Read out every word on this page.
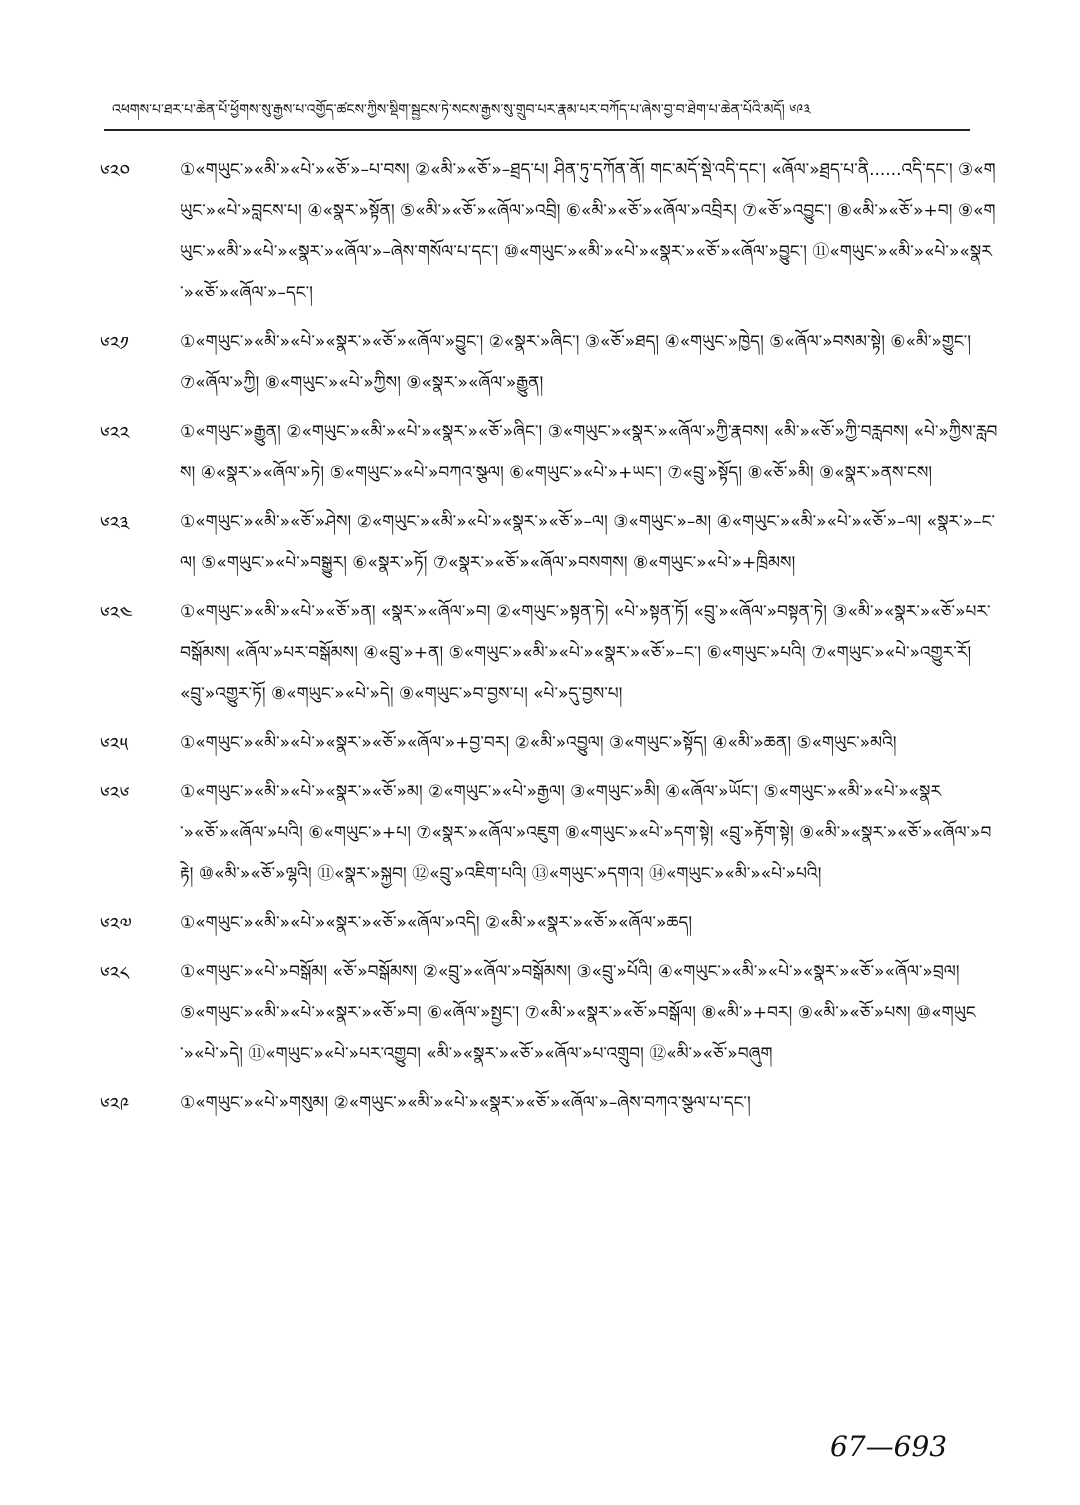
འཕགས་པ་ཐར་པ་ཆེན་པོ་ཕྱོགས་སུ་རྒྱས་པ་འགྱོད་ཚངས་ཀྱིས་སྡིག་སྦྱངས་ཏེ་སངས་རྒྱས་སུ་གྲུབ་པར་རྣམ་པར་བཀོད་པ་ཞེས་བྱ་བ་ཐེག་པ་ཆེན་པོའི་མདོ། ༦༩༣
༦༢༠	①«གཡུང་»«མི་»«པེ་»«ཅོ་»–པ་བས། ②«མི་»«ཅོ་»–ཐྲད་པ། ཤིན་ཏུ་དཀོན་ནོ། གང་མདོ་སྡེ་འདི་དང་། «ཞོལ་»ཐྲད་པ་ནི......འདི་དང་། ③«གཡུང་»«པེ་»བླངས་པ། ④«སྣར་»སྟོན། ⑤«མི་»«ཅོ་»«ཞོལ་»འབྲི། ⑥«མི་»«ཅོ་»«ཞོལ་»འབྲིར། ⑦«ཅོ་»འབྱུང་། ⑧«མི་»«ཅོ་»+བ། ⑨«གཡུང་»«མི་»«པེ་»«སྣར་»«ཞོལ་»–ཞེས་གསོལ་པ་དང་། ⑩«གཡུང་»«མི་»«པེ་»«སྣར་»«ཅོ་»«ཞོལ་»བྱུང་། ⑪«གཡུང་»«མི་»«པེ་»«སྣར་»«ཅོ་»«ཞོལ་»–དང་།
༦༢༡	①«གཡུང་»«མི་»«པེ་»«སྣར་»«ཅོ་»«ཞོལ་»བྱུང་། ②«སྣར་»ཞིང་། ③«ཅོ་»ཐད། ④«གཡུང་»ཁྱེད། ⑤«ཞོལ་»བསམ་སྟེ། ⑥«མི་»གྱུང་། ⑦«ཞོལ་»ཀྱི། ⑧«གཡུང་»«པེ་»ཀྱིས། ⑨«སྣར་»«ཞོལ་»རྒྱུན།
༦༢༢	①«གཡུང་»རྒྱུན། ②«གཡུང་»«མི་»«པེ་»«སྣར་»«ཅོ་»ཞིང་། ③«གཡུང་»«སྣར་»«ཞོལ་»ཀྱི་རྣབས། «མི་»«ཅོ་»ཀྱི་བརླབས། «པེ་»ཀྱིས་རླབས། ④«སྣར་»«ཞོལ་»ཏེ། ⑤«གཡུང་»«པེ་»བཀའ་སྩལ། ⑥«གཡུང་»«པེ་»+ཡང་། ⑦«བྲུ་»སྟོད། ⑧«ཅོ་»མི། ⑨«སྣར་»ནས་ངས།
༦༢༣	①«གཡུང་»«མི་»«ཅོ་»ཤེས། ②«གཡུང་»«མི་»«པེ་»«སྣར་»«ཅོ་»–ལ། ③«གཡུང་»–མ། ④«གཡུང་»«མི་»«པེ་»«ཅོ་»–ལ། «སྣར་»–ང་ལ། ⑤«གཡུང་»«པེ་»བསྒྱུར། ⑥«སྣར་»ཏོ། ⑦«སྣར་»«ཅོ་»«ཞོལ་»བསགས། ⑧«གཡུང་»«པེ་»+ཁྲིམས།
༦༢༤	①«གཡུང་»«མི་»«པེ་»«ཅོ་»ན། «སྣར་»«ཞོལ་»བ། ②«གཡུང་»སྟན་ཏེ། «པེ་»སྟན་ཏོ། «བྲུ་»«ཞོལ་»བསྟན་ཏེ། ③«མི་»«སྣར་»«ཅོ་»པར་བསྒོམས། «ཞོལ་»པར་བསྒོམས། ④«བྲུ་»+ན། ⑤«གཡུང་»«མི་»«པེ་»«སྣར་»«ཅོ་»–ང་། ⑥«གཡུང་»པའི། ⑦«གཡུང་»«པེ་»འགྱུར་རོ། «བྲུ་»འགྱུར་ཏོ། ⑧«གཡུང་»«པེ་»དེ། ⑨«གཡུང་»བ་བྱས་པ། «པེ་»དུ་བྱས་པ།
༦༢༥	①«གཡུང་»«མི་»«པེ་»«སྣར་»«ཅོ་»«ཞོལ་»+བྱ་བར། ②«མི་»འབྱུལ། ③«གཡུང་»སྟོད། ④«མི་»ཆན། ⑤«གཡུང་»མའི།
༦༢༦	①«གཡུང་»«མི་»«པེ་»«སྣར་»«ཅོ་»མ། ②«གཡུང་»«པེ་»རྒྱལ། ③«གཡུང་»མི། ④«ཞོལ་»ཡོང་། ⑤«གཡུང་»«མི་»«པེ་»«སྣར་»«ཅོ་»«ཞོལ་»པའི། ⑥«གཡུང་»+པ། ⑦«སྣར་»«ཞོལ་»འཇུག ⑧«གཡུང་»«པེ་»དག་སྟེ། «བྲུ་»རྟོག་སྟེ། ⑨«མི་»«སྣར་»«ཅོ་»«ཞོལ་»བརྟེ། ⑩«མི་»«ཅོ་»ལྷའི། ⑪«སྣར་»སྐྱབ། ⑫«བྲུ་»འཇིག་པའི། ⑬«གཡུང་»དགའ། ⑭«གཡུང་»«མི་»«པེ་»པའི།
༦༢༧	①«གཡུང་»«མི་»«པེ་»«སྣར་»«ཅོ་»«ཞོལ་»འདི། ②«མི་»«སྣར་»«ཅོ་»«ཞོལ་»ཆད།
༦༢༨	①«གཡུང་»«པེ་»བསྒོམ། «ཅོ་»བསྒོམས། ②«བྲུ་»«ཞོལ་»བསྒོམས། ③«བྲུ་»པོའི། ④«གཡུང་»«མི་»«པེ་»«སྣར་»«ཅོ་»«ཞོལ་»བྲལ། ⑤«གཡུང་»«མི་»«པེ་»«སྣར་»«ཅོ་»བ། ⑥«ཞོལ་»སྤྱང་། ⑦«མི་»«སྣར་»«ཅོ་»བསྒོལ། ⑧«མི་»+བར། ⑨«མི་»«ཅོ་»པས། ⑩«གཡུང་»«པེ་»དེ། ⑪«གཡུང་»«པེ་»པར་འགྱུབ། «མི་»«སྣར་»«ཅོ་»«ཞོལ་»པ་འགྲུབ། ⑫«མི་»«ཅོ་»བཞུག
༦༢༩	①«གཡུང་»«པེ་»གསུམ། ②«གཡུང་»«མི་»«པེ་»«སྣར་»«ཅོ་»«ཞོལ་»–ཞེས་བཀའ་སྩལ་པ་དང་།
67—693
